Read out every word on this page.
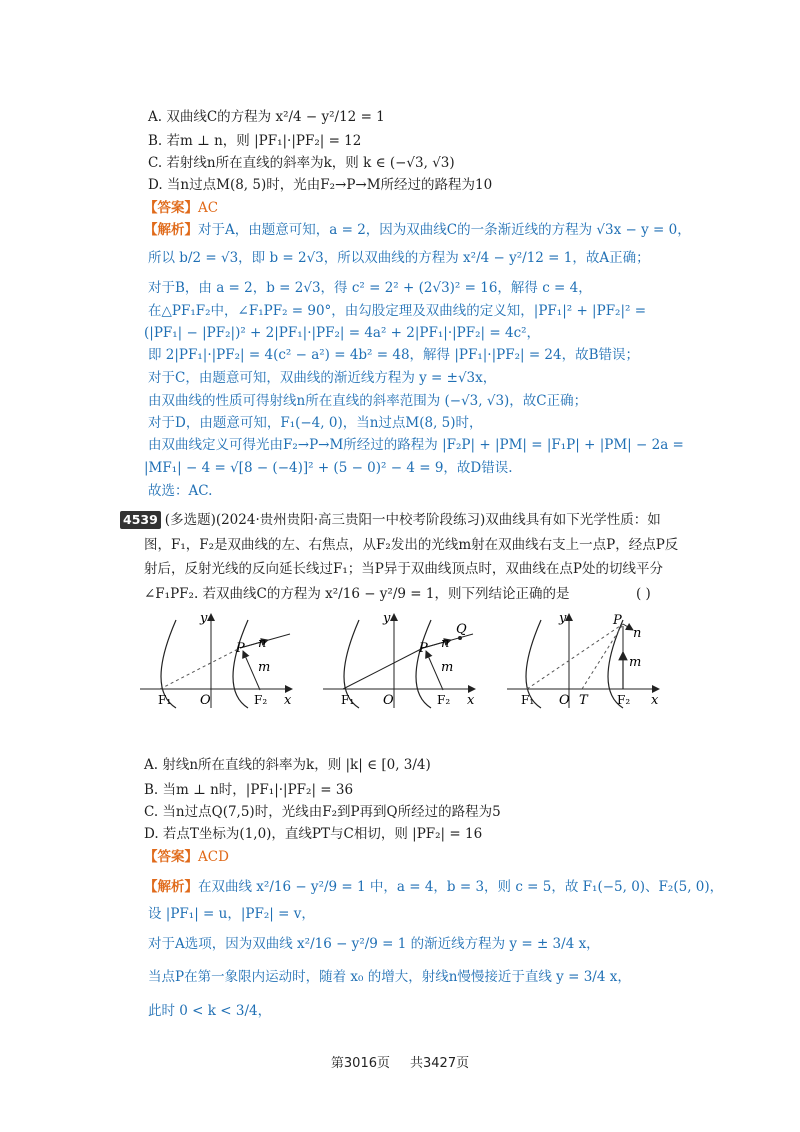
A. 双曲线C的方程为 x²/4 − y²/12 = 1
B. 若m ⊥ n，则 |PF₁|·|PF₂| = 12
C. 若射线n所在直线的斜率为k，则 k ∈ (−√3, √3)
D. 当n过点M(8, 5)时，光由F₂→P→M所经过的路程为10
【答案】AC
【解析】对于A，由题意可知，a = 2，因为双曲线C的一条渐近线的方程为 √3x − y = 0，
所以 b/2 = √3，即 b = 2√3，所以双曲线的方程为 x²/4 − y²/12 = 1，故A正确；
对于B，由 a = 2，b = 2√3，得 c² = 2² + (2√3)² = 16，解得 c = 4，
在△PF₁F₂中，∠F₁PF₂ = 90°，由勾股定理及双曲线的定义知，|PF₁|² + |PF₂|² =
(|PF₁| − |PF₂|)² + 2|PF₁|·|PF₂| = 4a² + 2|PF₁|·|PF₂| = 4c²，
即 2|PF₁|·|PF₂| = 4(c² − a²) = 4b² = 48，解得 |PF₁|·|PF₂| = 24，故B错误；
对于C，由题意可知，双曲线的渐近线方程为 y = ±√3x，
由双曲线的性质可得射线n所在直线的斜率范围为 (−√3, √3)，故C正确；
对于D，由题意可知，F₁(−4, 0)，当n过点M(8, 5)时，
由双曲线定义可得光由F₂→P→M所经过的路程为 |F₂P| + |PM| = |F₁P| + |PM| − 2a =
|MF₁| − 4 = √[8 − (−4)]² + (5 − 0)² − 4 = 9，故D错误.
故选：AC.
4539 (多选题)(2024·贵州贵阳·高三贵阳一中校考阶段练习)双曲线具有如下光学性质：如
图，F₁，F₂是双曲线的左、右焦点，从F₂发出的光线m射在双曲线右支上一点P，经点P反
射后，反射光线的反向延长线过F₁；当P异于双曲线顶点时，双曲线在点P处的切线平分
∠F₁PF₂. 若双曲线C的方程为 x²/16 − y²/9 = 1，则下列结论正确的是	( )
y
x
O
F₁	F₂
P n
m
y
x
O
F₁	F₂
P n
Q
m
y
x
O T
F₁	F₂
P
n
m
A. 射线n所在直线的斜率为k，则 |k| ∈ [0, 3/4)
B. 当m ⊥ n时，|PF₁|·|PF₂| = 36
C. 当n过点Q(7,5)时，光线由F₂到P再到Q所经过的路程为5
D. 若点T坐标为(1,0)，直线PT与C相切，则 |PF₂| = 16
【答案】ACD
【解析】在双曲线 x²/16 − y²/9 = 1 中，a = 4，b = 3，则 c = 5，故 F₁(−5, 0)、F₂(5, 0)，
设 |PF₁| = u，|PF₂| = v，
对于A选项，因为双曲线 x²/16 − y²/9 = 1 的渐近线方程为 y = ± 3/4 x，
当点P在第一象限内运动时，随着 x₀ 的增大，射线n慢慢接近于直线 y = 3/4 x，
此时 0 < k < 3/4，
第3016页 共3427页
